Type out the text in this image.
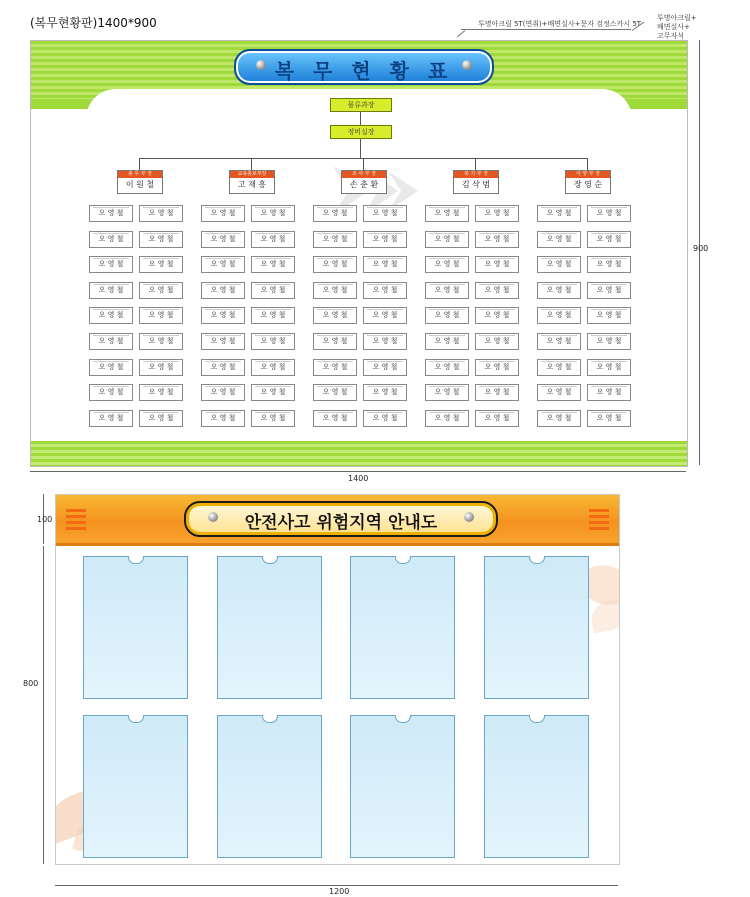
(복무현황판)1400*900	투명아크릴 5T(면취)+배면실사+문자 검정스카시 5T
투명아크릴+
배면실사+
고무자석
복 무 현 황 표
물류과장
정비실장
총 무 부 장
이 원 철
오 영 철	오 영 철
오 영 철	오 영 철
오 영 철	오 영 철
오 영 철	오 영 철
오 영 철	오 영 철
오 영 철	오 영 철
오 영 철	오 영 철
오 영 철	오 영 철
오 영 철	오 영 철
교육총보부장
고 재 흥
오 영 철	오 영 철
오 영 철	오 영 철
오 영 철	오 영 철
오 영 철	오 영 철
오 영 철	오 영 철
오 영 철	오 영 철
오 영 철	오 영 철
오 영 철	오 영 철
오 영 철	오 영 철
조 사 부 장
손 춘 환
오 영 철	오 영 철
오 영 철	오 영 철
오 영 철	오 영 철
오 영 철	오 영 철
오 영 철	오 영 철
오 영 철	오 영 철
오 영 철	오 영 철
오 영 철	오 영 철
오 영 철	오 영 철
복 지 부 장
김 삭 범
오 영 철	오 영 철
오 영 철	오 영 철
오 영 철	오 영 철
오 영 철	오 영 철
오 영 철	오 영 철
오 영 철	오 영 철
오 영 철	오 영 철
오 영 철	오 영 철
오 영 철	오 영 철
이 양 부 장
장 영 순
오 영 철	오 영 철
오 영 철	오 영 철
오 영 철	오 영 철
오 영 철	오 영 철
오 영 철	오 영 철
오 영 철	오 영 철
오 영 철	오 영 철
오 영 철	오 영 철
오 영 철	오 영 철
900
1400
안전사고 위험지역 안내도
100
800
1200
